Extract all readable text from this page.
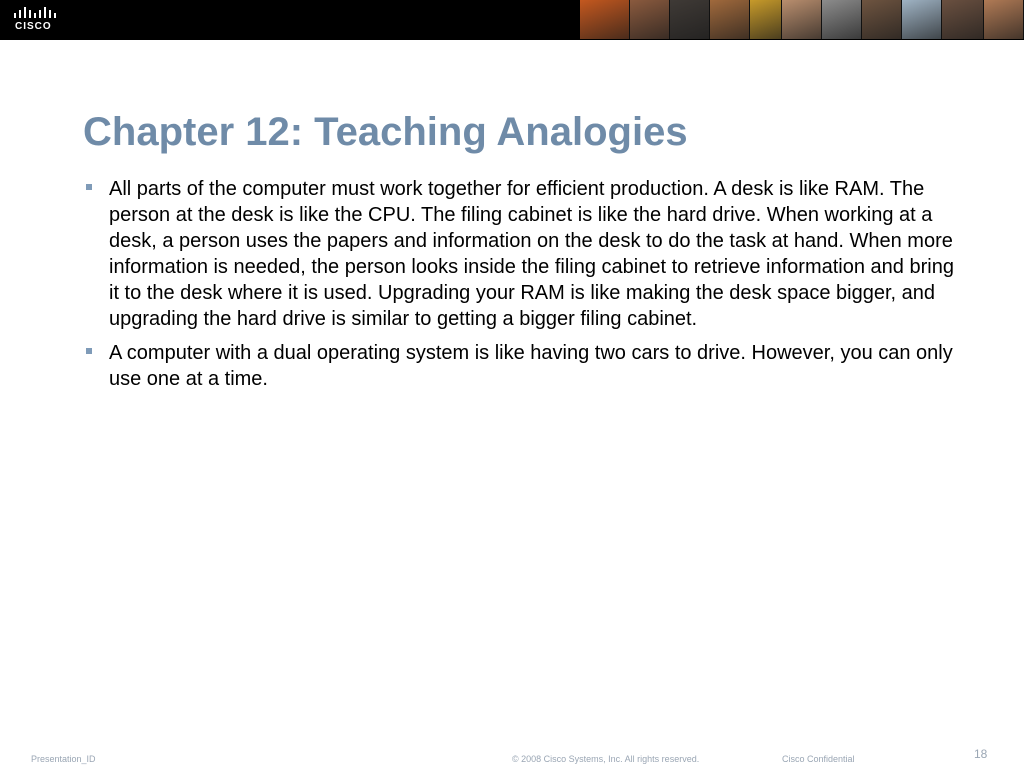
CISCO
Chapter 12: Teaching Analogies
All parts of the computer must work together for efficient production. A desk is like RAM. The person at the desk is like the CPU. The filing cabinet is like the hard drive. When working at a desk, a person uses the papers and information on the desk to do the task at hand. When more information is needed, the person looks inside the filing cabinet to retrieve information and bring it to the desk where it is used. Upgrading your RAM is like making the desk space bigger, and upgrading the hard drive is similar to getting a bigger filing cabinet.
A computer with a dual operating system is like having two cars to drive. However, you can only use one at a time.
Presentation_ID	© 2008 Cisco Systems, Inc. All rights reserved.	Cisco Confidential	18
